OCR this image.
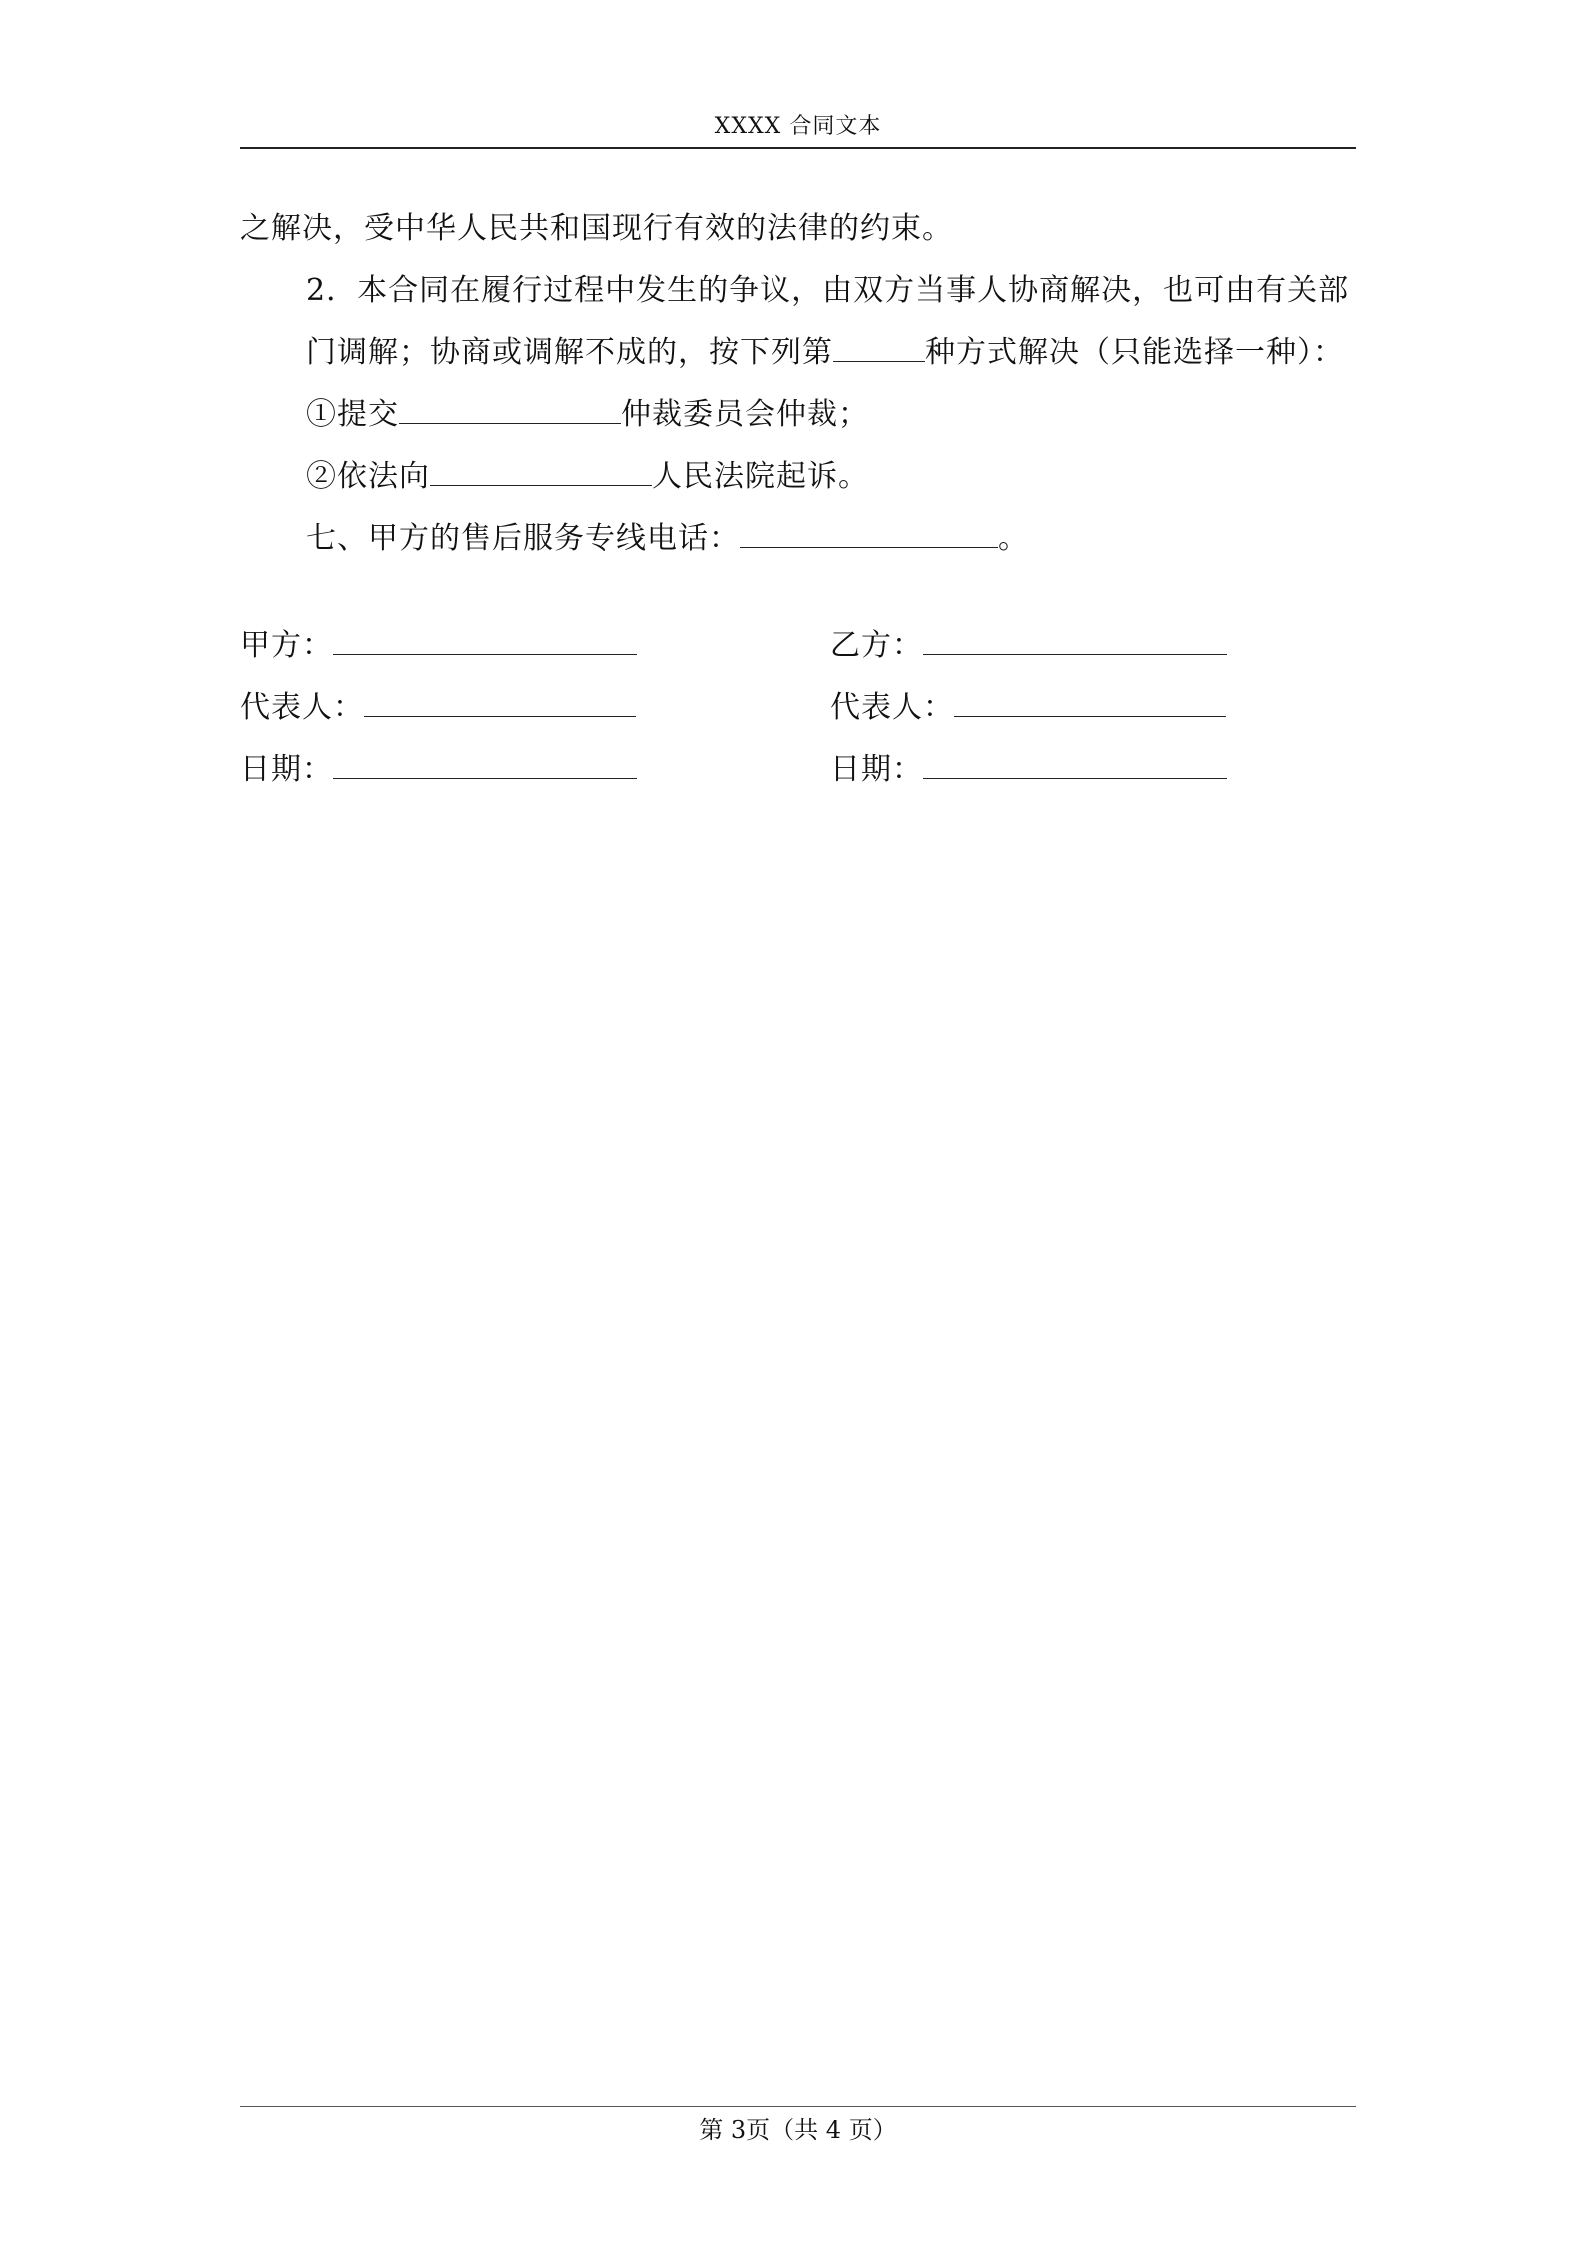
XXXX 合同文本

之解决，受中华人民共和国现行有效的法律的约束。

2．本合同在履行过程中发生的争议，由双方当事人协商解决，也可由有关部门调解；协商或调解不成的，按下列第	种方式解决（只能选择一种）：

①提交	仲裁委员会仲裁；

②依法向	人民法院起诉。

七、甲方的售后服务专线电话：	。

甲方：	乙方：
代表人：	代表人：
日期：	日期：
第 3页（共 4 页）
